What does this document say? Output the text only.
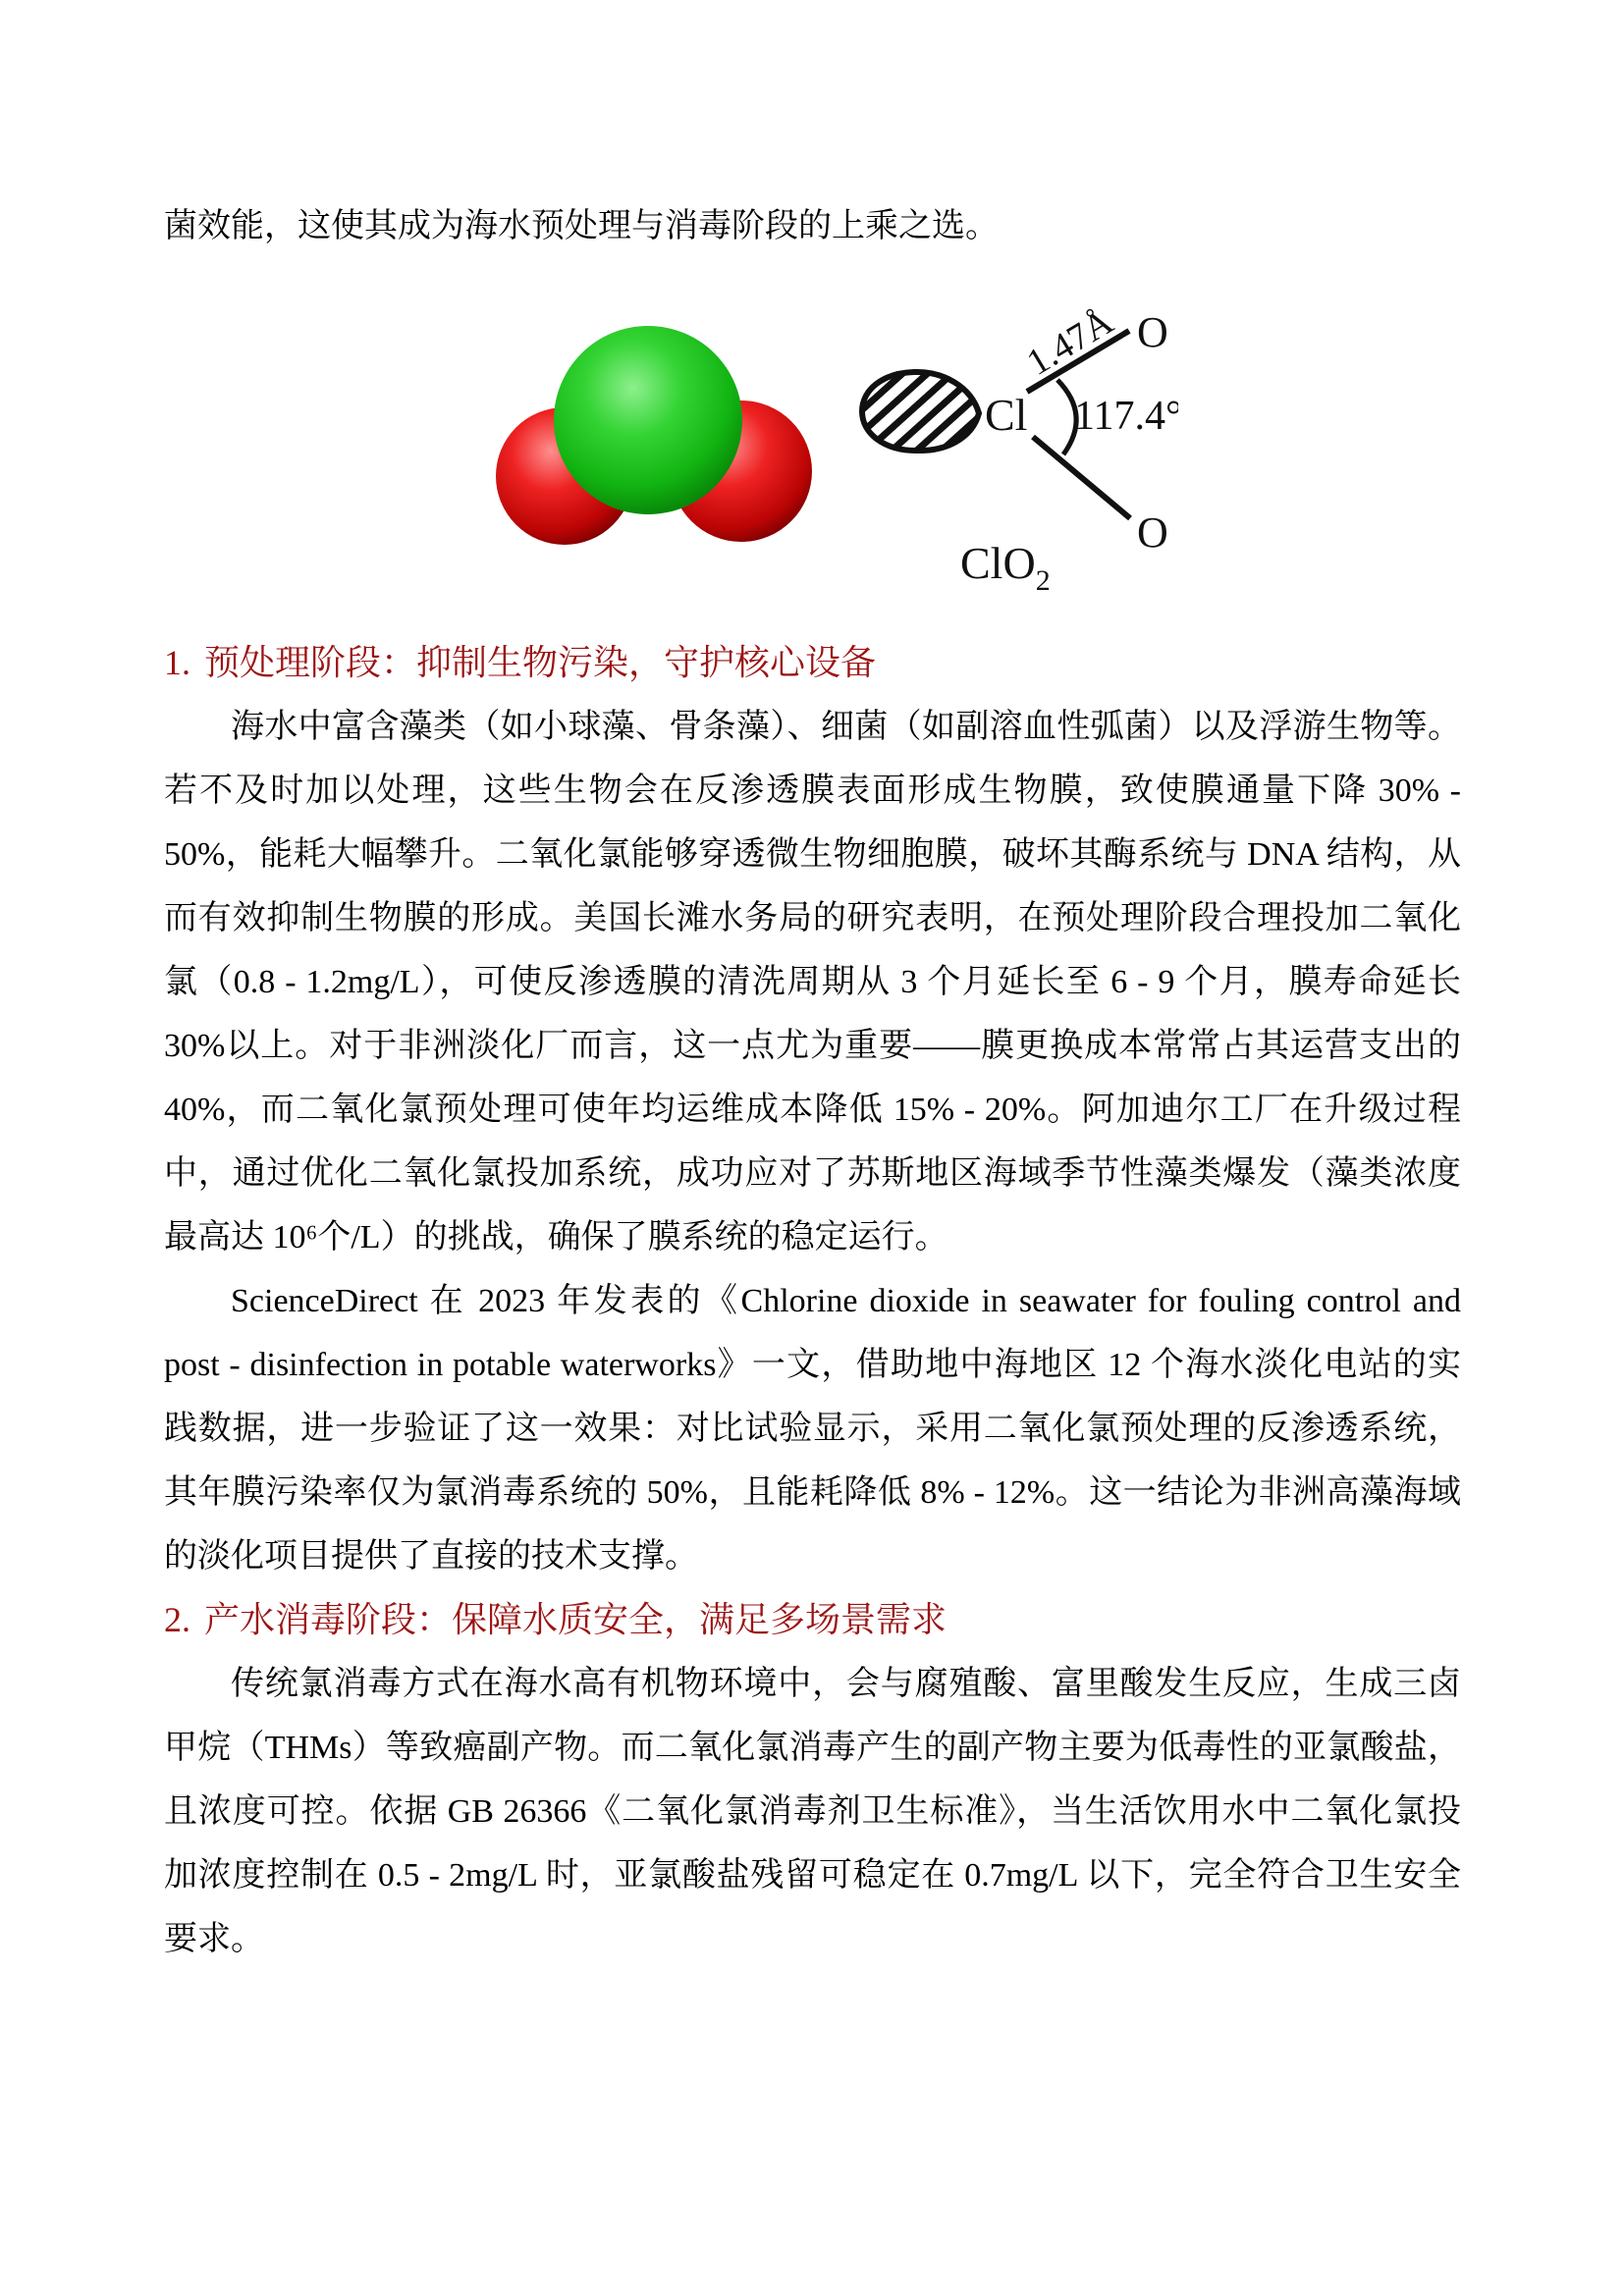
菌效能，这使其成为海水预处理与消毒阶段的上乘之选。

Cl
1.47Å
117.4°
O
O
ClO$_2$
1. 预处理阶段：抑制生物污染，守护核心设备

海水中富含藻类（如小球藻、骨条藻）、细菌（如副溶血性弧菌）以及浮游生物等。若不及时加以处理，这些生物会在反渗透膜表面形成生物膜，致使膜通量下降 30% - 50%，能耗大幅攀升。二氧化氯能够穿透微生物细胞膜，破坏其酶系统与 DNA 结构，从而有效抑制生物膜的形成。美国长滩水务局的研究表明，在预处理阶段合理投加二氧化氯（0.8 - 1.2mg/L），可使反渗透膜的清洗周期从 3 个月延长至 6 - 9 个月，膜寿命延长 30%以上。对于非洲淡化厂而言，这一点尤为重要——膜更换成本常常占其运营支出的 40%，而二氧化氯预处理可使年均运维成本降低 15% - 20%。阿加迪尔工厂在升级过程中，通过优化二氧化氯投加系统，成功应对了苏斯地区海域季节性藻类爆发（藻类浓度最高达 10⁶个/L）的挑战，确保了膜系统的稳定运行。

ScienceDirect 在 2023 年发表的《Chlorine dioxide in seawater for fouling control and post - disinfection in potable waterworks》一文，借助地中海地区 12 个海水淡化电站的实践数据，进一步验证了这一效果：对比试验显示，采用二氧化氯预处理的反渗透系统，其年膜污染率仅为氯消毒系统的 50%，且能耗降低 8% - 12%。这一结论为非洲高藻海域的淡化项目提供了直接的技术支撑。

2. 产水消毒阶段：保障水质安全，满足多场景需求

传统氯消毒方式在海水高有机物环境中，会与腐殖酸、富里酸发生反应，生成三卤甲烷（THMs）等致癌副产物。而二氧化氯消毒产生的副产物主要为低毒性的亚氯酸盐，且浓度可控。依据 GB 26366《二氧化氯消毒剂卫生标准》，当生活饮用水中二氧化氯投加浓度控制在 0.5 - 2mg/L 时，亚氯酸盐残留可稳定在 0.7mg/L 以下，完全符合卫生安全要求。
